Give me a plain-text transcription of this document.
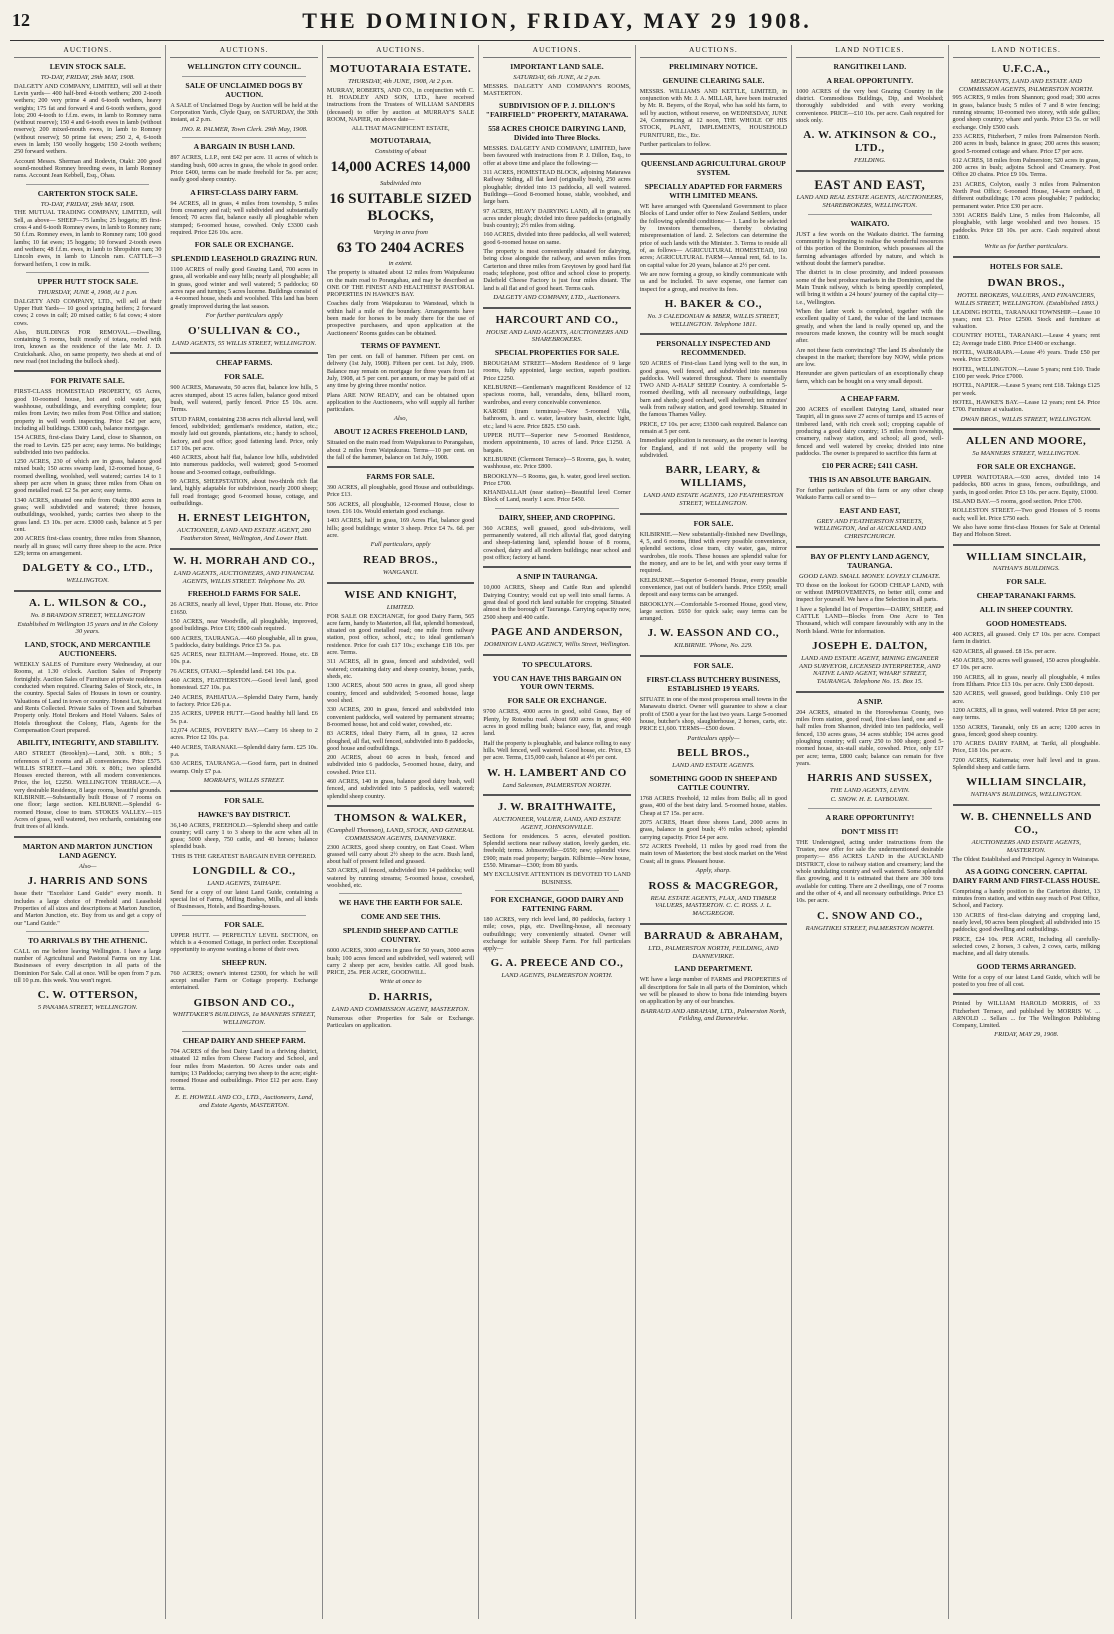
12	THE DOMINION, FRIDAY, MAY 29 1908.
AUCTIONS.
LEVIN STOCK SALE.
TO-DAY, FRIDAY, 29th MAY, 1908.
DALGETY AND COMPANY, LIMITED, will sell at their Levin yards— 400 half-bred 4-tooth wethers; 200 2-tooth wethers; 200 very prime 4 and 6-tooth wethers, heavy weights; 175 fat and forward 4 and 6-tooth wethers, good lots; 200 4-tooth to f.f.m. ewes, in lamb to Romney rams (without reserve); 150 4 and 6-tooth ewes in lamb (without reserve); 200 mixed-mouth ewes, in lamb to Romney (without reserve); 50 prime fat ewes; 250 2, 4, 6-tooth ewes in lamb; 150 woolly hoggets; 150 2-tooth wethers; 250 forward wethers.
Account Messrs. Sherman and Rodevin, Otaki: 200 good sound-mouthed Romney breeding ewes, in lamb Romney rams. Account Jean Kebbell, Esq., Ohau.
CARTERTON STOCK SALE.
TO-DAY, FRIDAY, 29th MAY, 1908.
THE MUTUAL TRADING COMPANY, LIMITED, will Sell, as above— SHEEP—75 lambs; 25 hoggets; 85 first-cross 4 and 6-tooth Romney ewes, in lamb to Romney ram; 50 f.f.m. Romney ewes, in lamb to Romney ram; 100 good lambs; 10 fat ewes; 15 hoggets; 10 forward 2-tooth ewes and wethers; 48 f.f.m. ewes, in lamb to Shropshire ram; 30 Lincoln ewes, in lamb to Lincoln ram. CATTLE—3 forward heifers, 1 cow in milk.
UPPER HUTT STOCK SALE.
THURSDAY, JUNE 4, 1908, At 1 p.m.
DALGETY AND COMPANY, LTD., will sell at their Upper Hutt Yards— 10 good springing heifers; 2 forward cows; 2 cows in calf; 20 mixed cattle; 6 fat cows; 4 store cows.
Also, BUILDINGS FOR REMOVAL.—Dwelling, containing 5 rooms, built mostly of totara, roofed with iron, known as the residence of the late Mr. J. D. Cruickshank. Also, on same property, two sheds at end of new road (not including the bullock shed).
FOR PRIVATE SALE.
FIRST-CLASS HOMESTEAD PROPERTY, 65 Acres, good 10-roomed house, hot and cold water, gas, washhouse, outbuildings, and everything complete; four miles from Levin; two miles from Post Office and station; property in well worth inspecting. Price £42 per acre, including all buildings. £3000 cash, balance mortgage.
154 ACRES, first-class Dairy Land, close to Shannon, on the road to Levin. £25 per acre; easy terms. No buildings; subdivided into two paddocks.
1250 ACRES, 230 of which are in grass, balance good mixed bush; 150 acres swamp land, 12-roomed house, 6-roomed dwelling, woolshed, well watered; carries 14 to 1 sheep per acre when in grass; three miles from Ohau on good metalled road. £2 5s. per acre; easy terms.
1340 ACRES, situated one mile from Otaki; 800 acres in grass; well subdivided and watered; three houses, outbuildings, woolshed, yards; carries two sheep to the grass land. £3 10s. per acre. £3000 cash, balance at 5 per cent.
200 ACRES first-class country, three miles from Shannon, nearly all in grass; will carry three sheep to the acre. Price £29; terms on arrangement.
DALGETY & CO., LTD.,
WELLINGTON.
A. L. WILSON & CO.,
No. 8 BRANDON STREET, WELLINGTON
Established in Wellington 15 years and in the Colony 30 years.
LAND, STOCK, AND MERCANTILE AUCTIONEERS.
WEEKLY SALES of Furniture every Wednesday, at our Rooms, at 1.30 o'clock. Auction Sales of Property fortnightly. Auction Sales of Furniture at private residences conducted when required. Clearing Sales of Stock, etc., in the country. Special Sales of Houses in town or country. Valuations of Land in town or country. Honest Lot, Interest and Rents Collected. Private Sales of Town and Suburban Property only. Hotel Brokers and Hotel Valuers. Sales of Hotels throughout the Colony, Flats, Agents for the Compensation Court prepared.
ABILITY, INTEGRITY, AND STABILITY.
ARO STREET (Brooklyn).—Land, 30ft. x 80ft.; 5 references of 3 rooms and all conveniences. Price £575. WILLIS STREET.—Land 30ft. x 80ft.; two splendid Houses erected thereon, with all modern conveniences. Price, the lot, £2250. WELLINGTON TERRACE.—A very desirable Residence, 8 large rooms, beautiful grounds. KILBIRNIE.—Substantially built House of 7 rooms on one floor; large section. KELBURNE.—Splendid 6-roomed House, close to tram. STOKES VALLEY.—115 Acres of grass, well watered, two orchards, containing one fruit trees of all kinds.
MARTON AND MARTON JUNCTION LAND AGENCY.
Also—
J. HARRIS AND SONS
Issue their "Excelsior Land Guide" every month. It includes a large choice of Freehold and Leasehold Properties of all sizes and descriptions at Marton Junction, and Marton Junction, etc. Buy from us and get a copy of our "Land Guide."
TO ARRIVALS BY THE ATHENIC.
CALL on me before leaving Wellington. I have a large number of Agricultural and Pastoral Farms on my List. Businesses of every description in all parts of the Dominion For Sale. Call at once. Will be open from 7 p.m. till 10 p.m. this week. You won't regret.
C. W. OTTERSON,
5 PANAMA STREET, WELLINGTON.
AUCTIONS.
WELLINGTON CITY COUNCIL.
SALE OF UNCLAIMED DOGS BY AUCTION.
A SALE of Unclaimed Dogs by Auction will be held at the Corporation Yards, Clyde Quay, on SATURDAY, the 30th instant, at 2 p.m.
JNO. R. PALMER, Town Clerk. 29th May, 1908.
A BARGAIN IN BUSH LAND.
897 ACRES, L.I.P., rent £42 per acre. 11 acres of which is standing bush, 600 acres in grass, the whole in good order. Price £400, terms can be made freehold for 5s. per acre; easily good sheep country.
A FIRST-CLASS DAIRY FARM.
94 ACRES, all in grass, 4 miles from township, 5 miles from creamery and rail; well subdivided and substantially fenced; 70 acres flat, balance easily all ploughable when stumped; 6-roomed house, cowshed. Only £3300 cash required. Price £26 10s. acre.
FOR SALE OR EXCHANGE.
SPLENDID LEASEHOLD GRAZING RUN.
1100 ACRES of really good Grazing Land, 700 acres in grass, all workable and easy hills; nearly all ploughable; all in grass, good winter and well watered; 5 paddocks; 60 acres rape and turnips; 5 acres lucerne. Buildings consist of a 4-roomed house, sheds and woolshed. This land has been greatly improved during the last season.
For further particulars apply
O'SULLIVAN & CO.,
LAND AGENTS, 55 WILLIS STREET, WELLINGTON.
CHEAP FARMS.
FOR SALE.
900 ACRES, Manawatu, 50 acres flat, balance low hills, 5 acres stumped, about 15 acres fallen, balance good mixed bush, well watered, partly fenced. Price £5 10s. acre. Terms.
STUD FARM, containing 238 acres rich alluvial land, well fenced, subdivided; gentleman's residence, station, etc.; mostly laid out grounds, plantations, etc.; handy to school, factory, and post office; good fattening land. Price, only £17 10s. per acre.
460 ACRES, about half flat, balance low hills, subdivided into numerous paddocks, well watered; good 5-roomed house and 3-roomed cottage, outbuildings.
99 ACRES, SHEEPSTATION, about two-thirds rich flat land, highly adaptable for subdivision, nearly 2000 sheep; full road frontage; good 6-roomed house, cottage, and outbuildings.
H. ERNEST LEIGHTON,
AUCTIONEER, LAND AND ESTATE AGENT, 280 Featherston Street, Wellington, And Lower Hutt.
W. H. MORRAH AND CO.,
LAND AGENTS, AUCTIONEERS, AND FINANCIAL AGENTS, WILLIS STREET. Telephone No. 20.
FREEHOLD FARMS FOR SALE.
26 ACRES, nearly all level, Upper Hutt. House, etc. Price £1650.
150 ACRES, near Woodville, all ploughable, improved, good buildings. Price £16; £800 cash required.
600 ACRES, TAURANGA.—460 ploughable, all in grass, 5 paddocks, dairy buildings. Price £3 5s. p.a.
625 ACRES, near ELTHAM.—Improved. House, etc. £8 10s. p.a.
76 ACRES, OTAKI.—Splendid land. £41 10s. p.a.
460 ACRES, FEATHERSTON.—Good level land, good homestead. £27 10s. p.a.
240 ACRES, PAHIATUA.—Splendid Dairy Farm, handy to factory. Price £26 p.a.
235 ACRES, UPPER HUTT.—Good healthy hill land. £6 5s. p.a.
12,074 ACRES, POVERTY BAY.—Carry 16 sheep to 2 acres. Price £2 10s. p.a.
440 ACRES, TARANAKI.—Splendid dairy farm. £25 10s. p.a.
630 ACRES, TAURANGA.—Good farm, part in drained swamp. Only £7 p.a.
MORRAH'S, WILLIS STREET.
FOR SALE.
HAWKE'S BAY DISTRICT.
36,140 ACRES, FREEHOLD.—Splendid sheep and cattle country; will carry 1 to 3 sheep to the acre when all in grass; 5000 sheep, 750 cattle, and 40 horses; balance splendid bush.
THIS IS THE GREATEST BARGAIN EVER OFFERED.
LONGDILL & CO.,
LAND AGENTS, TAIHAPE.
Send for a copy of our latest Land Guide, containing a special list of Farms, Milling Bushes, Mills, and all kinds of Businesses, Hotels, and Boarding-houses.
FOR SALE.
UPPER HUTT. — PERFECTLY LEVEL SECTION, on which is a 4-roomed Cottage, in perfect order. Exceptional opportunity to anyone wanting a home of their own.
SHEEP RUN.
760 ACRES; owner's interest £2300, for which he will accept smaller Farm or Cottage property. Exchange entertained.
GIBSON AND CO.,
WHITTAKER'S BUILDINGS, 1a MANNERS STREET, WELLINGTON.
CHEAP DAIRY AND SHEEP FARM.
704 ACRES of the best Dairy Land in a thriving district, situated 12 miles from Cheese Factory and School, and four miles from Masterton. 90 Acres under oats and turnips; 13 Paddocks; carrying two sheep to the acre; eight-roomed House and outbuildings. Price £12 per acre. Easy terms.
E. E. HOWELL AND CO., LTD., Auctioneers, Land, and Estate Agents, MASTERTON.
AUCTIONS.
MOTUOTARAIA ESTATE.
THURSDAY, 4th JUNE, 1908, At 2 p.m.
MURRAY, ROBERTS, AND CO., in conjunction with C. H. HOADLEY AND SON, LTD., have received instructions from the Trustees of WILLIAM SANDERS (deceased) to offer by auction at MURRAY'S SALE ROOM, NAPIER, on above date—
ALL THAT MAGNIFICENT ESTATE,
MOTUOTARAIA,
Consisting of about
14,000 ACRES 14,000
Subdivided into
16 SUITABLE SIZED BLOCKS,
Varying in area from
63 TO 2404 ACRES
in extent.
The property is situated about 12 miles from Waipukurau on the main road to Porangahau, and may be described as ONE OF THE FINEST AND HEALTHIEST PASTORAL PROPERTIES IN HAWKE'S BAY.
Coaches daily from Waipukurau to Wanstead, which is within half a mile of the boundary. Arrangements have been made for horses to be ready there for the use of prospective purchasers, and upon application at the Auctioneers' Rooms guides can be obtained.
TERMS OF PAYMENT.
Ten per cent. on fall of hammer. Fifteen per cent. on delivery (1st July, 1908). Fifteen per cent. 1st July, 1909. Balance may remain on mortgage for three years from 1st July, 1908, at 5 per cent. per annum, or may be paid off at any time by giving three months' notice.
Plans ARE NOW READY, and can be obtained upon application to the Auctioneers, who will supply all further particulars.
Also,
ABOUT 12 ACRES FREEHOLD LAND,
Situated on the main road from Waipukurau to Porangahau, about 2 miles from Waipukurau. Terms—10 per cent. on the fall of the hammer, balance on 1st July, 1908.
FARMS FOR SALE.
390 ACRES, all ploughable, good House and outbuildings. Price £13.
506 ACRES, all ploughable, 12-roomed House, close to town. £16 10s. Would entertain good exchange.
1403 ACRES, half in grass, 169 Acres Flat, balance good hills; good buildings; winter 3 sheep. Price £4 7s. 6d. per acre.
Full particulars, apply
READ BROS.,
WANGANUI.
WISE AND KNIGHT,
LIMITED.
FOR SALE OR EXCHANGE, for good Dairy Farm, 565 acre farm, handy to Masterton, all flat, splendid homestead, situated on good metalled road; one mile from railway station, post office, school, etc.; to ideal gentleman's residence. Price for cash £17 10s.; exchange £18 10s. per acre. Terms.
311 ACRES, all in grass, fenced and subdivided, well watered; containing dairy and sheep country, house, yards, sheds, etc.
1300 ACRES, about 500 acres in grass, all good sheep country, fenced and subdivided; 5-roomed house, large wool shed.
330 ACRES, 200 in grass, fenced and subdivided into convenient paddocks, well watered by permanent streams; 8-roomed house, hot and cold water, cowshed, etc.
83 ACRES, ideal Dairy Farm, all in grass, 12 acres ploughed, all flat, well fenced, subdivided into 8 paddocks, good house and outbuildings.
200 ACRES, about 60 acres in bush, fenced and subdivided into 6 paddocks, 5-roomed house, dairy, and cowshed. Price £11.
460 ACRES, 140 in grass, balance good dairy bush, well fenced, and subdivided into 5 paddocks, well watered; splendid sheep country.
THOMSON & WALKER,
(Campbell Thomson), LAND, STOCK, AND GENERAL COMMISSION AGENTS, DANNEVIRKE.
2300 ACRES, good sheep country, on East Coast. When grassed will carry about 2½ sheep to the acre. Bush land, about half of present felled and grassed.
520 ACRES, all fenced, subdivided into 14 paddocks; well watered by running streams; 5-roomed house, cowshed, woolshed, etc.
WE HAVE THE EARTH FOR SALE.
COME AND SEE THIS.
SPLENDID SHEEP AND CATTLE COUNTRY.
6000 ACRES, 3000 acres in grass for 50 years, 3000 acres bush; 100 acres fenced and subdivided, well watered; will carry 2 sheep per acre, besides cattle. All good bush. PRICE, 25s. PER ACRE, GOODWILL.
Write at once to
D. HARRIS,
LAND AND COMMISSION AGENT, MASTERTON.
Numerous other Properties for Sale or Exchange. Particulars on application.
AUCTIONS.
IMPORTANT LAND SALE.
SATURDAY, 6th JUNE, At 2 p.m.
MESSRS. DALGETY AND COMPANY'S ROOMS, MASTERTON.
SUBDIVISION OF P. J. DILLON'S "FAIRFIELD" PROPERTY, MATARAWA.
558 ACRES CHOICE DAIRYING LAND, Divided into Three Blocks.
MESSRS. DALGETY AND COMPANY, LIMITED, have been favoured with instructions from P. J. Dillon, Esq., to offer at above time and place the following:—
311 ACRES, HOMESTEAD BLOCK, adjoining Matarawa Railway Siding, all flat land (originally bush), 250 acres ploughable; divided into 13 paddocks, all well watered. Buildings—Good 8-roomed house, stable, woolshed, and large barn.
97 ACRES, HEAVY DAIRYING LAND, all in grass, six acres under plough; divided into three paddocks (originally bush country); 2½ miles from siding.
160 ACRES, divided into three paddocks, all well watered; good 6-roomed house on same.
The property is most conveniently situated for dairying, being close alongside the railway, and seven miles from Carterton and three miles from Greytown by good hard flat roads; telephone, post office and school close to property. Dalefield Cheese Factory is just four miles distant. The land is all flat and of good heart. Terms cash.
DALGETY AND COMPANY, LTD., Auctioneers.
HARCOURT AND CO.,
HOUSE AND LAND AGENTS, AUCTIONEERS AND SHAREBROKERS.
SPECIAL PROPERTIES FOR SALE.
BROUGHAM STREET—Modern Residence of 9 large rooms, fully appointed, large section, superb position. Price £2250.
KELBURNE—Gentleman's magnificent Residence of 12 spacious rooms, hall, verandahs, dens, billiard room, wardrobes, and every conceivable convenience.
KARORI (tram terminus)—New 5-roomed Villa, bathroom, h. and c. water, lavatory basin, electric light, etc.; land ¼ acre. Price £825. £50 cash.
UPPER HUTT—Superior new 5-roomed Residence, modern appointments, 10 acres of land. Price £1250. A bargain.
KELBURNE (Clermont Terrace)—5 Rooms, gas, h. water, washhouse, etc. Price £800.
BROOKLYN—5 Rooms, gas, h. water, good level section. Price £700.
KHANDALLAH (near station)—Beautiful level Corner Block of Land, nearly 1 acre. Price £450.
DAIRY, SHEEP, AND CROPPING.
360 ACRES, well grassed, good sub-divisions, well permanently watered, all rich alluvial flat, good dairying and sheep-fattening land, splendid house of 8 rooms, cowshed, dairy and all modern buildings; near school and post office; factory at hand.
A SNIP IN TAURANGA.
10,000 ACRES, Sheep and Cattle Run and splendid Dairying Country; would cut up well into small farms. A great deal of good rich land suitable for cropping. Situated almost in the borough of Tauranga. Carrying capacity now, 2500 sheep and 400 cattle.
PAGE AND ANDERSON,
DOMINION LAND AGENCY, Willis Street, Wellington.
TO SPECULATORS.
YOU CAN HAVE THIS BARGAIN ON YOUR OWN TERMS.
FOR SALE OR EXCHANGE.
9700 ACRES, 4000 acres in good, solid Grass, Bay of Plenty, by Rotoehu road. About 600 acres in grass; 400 acres in good milling bush; balance easy, flat, and rough land.
Half the property is ploughable, and balance rolling to easy hills. Well fenced, well watered. Good house, etc. Price, £3 per acre. Terms, £15,000 cash, balance at 4½ per cent.
W. H. LAMBERT AND CO
Land Salesmen, PALMERSTON NORTH.
J. W. BRAITHWAITE,
AUCTIONEER, VALUER, LAND, AND ESTATE AGENT, JOHNSONVILLE.
Sections for residences. 5 acres, elevated position. Splendid sections near railway station, lovely garden, etc. freehold; terms. Johnsonville—£650; new; splendid view. £900; main road property; bargain. Kilbirnie—New house, £550. Miramar—£300; from 80 yards.
MY EXCLUSIVE ATTENTION IS DEVOTED TO LAND BUSINESS.
FOR EXCHANGE, GOOD DAIRY AND FATTENING FARM.
180 ACRES, very rich level land, 80 paddocks, factory 1 mile; cows, pigs, etc. Dwelling-house, all necessary outbuildings; very conveniently situated. Owner will exchange for suitable Sheep Farm. For full particulars apply—
G. A. PREECE AND CO.,
LAND AGENTS, PALMERSTON NORTH.
AUCTIONS.
PRELIMINARY NOTICE.
GENUINE CLEARING SALE.
MESSRS. WILLIAMS AND KETTLE, LIMITED, in conjunction with Mr. J. A. MILLAR, have been instructed by Mr. R. Beyers, of the Royal, who has sold his farm, to sell by auction, without reserve, on WEDNESDAY, JUNE 24, Commencing at 12 noon, THE WHOLE OF HIS STOCK, PLANT, IMPLEMENTS, HOUSEHOLD FURNITURE, Etc., Etc.
Further particulars to follow.
QUEENSLAND AGRICULTURAL GROUP SYSTEM.
SPECIALLY ADAPTED FOR FARMERS WITH LIMITED MEANS.
WE have arranged with Queensland Government to place Blocks of Land under offer to New Zealand Settlers, under the following splendid conditions:— 1. Land to be selected by investors themselves, thereby obviating misrepresentation of land. 2. Selectors can determine the price of such lands with the Minister. 3. Terms to reside all of, as follows— AGRICULTURAL HOMESTEAD, 160 acres; AGRICULTURAL FARM—Annual rent, 6d. to 1s. on capital value for 20 years, balance at 2½ per cent.
We are now forming a group, so kindly communicate with us and be included. To save expense, one farmer can inspect for a group, and receive its fees.
H. BAKER & CO.,
No. 3 CALEDONIAN & MBER, WILLIS STREET, WELLINGTON. Telephone 1811.
PERSONALLY INSPECTED AND RECOMMENDED.
920 ACRES of First-class Land lying well to the sun, in good grass, well fenced, and subdivided into numerous paddocks. Well watered throughout. There is essentially TWO AND A-HALF SHEEP Country. A comfortable 5-roomed dwelling, with all necessary outbuildings, large barn and sheds; good orchard, well sheltered; ten minutes' walk from railway station, and good township. Situated in the famous Thames Valley.
PRICE, £7 10s. per acre; £3300 cash required. Balance can remain at 5 per cent.
Immediate application is necessary, as the owner is leaving for England, and if not sold the property will be subdivided.
BARR, LEARY, & WILLIAMS,
LAND AND ESTATE AGENTS, 120 FEATHERSTON STREET, WELLINGTON.
FOR SALE.
KILBIRNIE.—New substantially-finished new Dwellings, 4, 5, and 6 rooms, fitted with every possible convenience, splendid sections, close tram, city water, gas, mirror wardrobes, tile roofs. These houses are splendid value for the money, and are to be let, and with your easy terms if required.
KELBURNE.—Superior 6-roomed House, every possible convenience, just out of builder's hands. Price £950; small deposit and easy terms can be arranged.
BROOKLYN.—Comfortable 5-roomed House, good view, large section. £650 for quick sale; easy terms can be arranged.
J. W. EASSON AND CO.,
KILBIRNIE. 'Phone, No. 229.
FOR SALE.
FIRST-CLASS BUTCHERY BUSINESS, ESTABLISHED 19 YEARS.
SITUATE in one of the most prosperous small towns in the Manawatu district. Owner will guarantee to show a clear profit of £500 a year for the last two years. Large 5-roomed house, butcher's shop, slaughterhouse, 2 horses, carts, etc. PRICE £1,600. TERMS—£500 down.
Particulars apply—
BELL BROS.,
LAND AND ESTATE AGENTS.
SOMETHING GOOD IN SHEEP AND CATTLE COUNTRY.
1768 ACRES Freehold, 12 miles from Bulls; all in good grass, 400 of the best dairy land. 5-roomed house, stables. Cheap at £7 15s. per acre.
2075 ACRES, Heart three shores Land, 2000 acres in grass, balance in good bush; 4½ miles school; splendid carrying capacity. Price £4 per acre.
572 ACRES Freehold, 11 miles by good road from the main town of Masterton; the best stock market on the West Coast; all in grass. Pleasant house.
Apply, sharp.
ROSS & MACGREGOR,
REAL ESTATE AGENTS, FLAX, AND TIMBER VALUERS, MASTERTON. C. C. ROSS. J. L. MACGREGOR.
BARRAUD & ABRAHAM,
LTD., PALMERSTON NORTH, FEILDING, AND DANNEVIRKE.
LAND DEPARTMENT.
WE have a large number of FARMS and PROPERTIES of all descriptions for Sale in all parts of the Dominion, which we will be pleased to show to bona fide intending buyers on application by any of our branches.
BARRAUD AND ABRAHAM, LTD., Palmerston North, Feilding, and Dannevirke.
LAND NOTICES.
RANGITIKEI LAND.
A REAL OPPORTUNITY.
1000 ACRES of the very best Grazing Country in the district. Commodious Buildings, Dip, and Woolshed; thoroughly subdivided and with every working convenience. PRICE—£10 10s. per acre. Cash required for stock only.
A. W. ATKINSON & CO., LTD.,
FEILDING.
EAST AND EAST,
LAND AND REAL ESTATE AGENTS, AUCTIONEERS, SHAREBROKERS, WELLINGTON.
WAIKATO.
JUST a few words on the Waikato district. The farming community is beginning to realise the wonderful resources of this portion of the Dominion, which possesses all the farming advantages afforded by nature, and which is without doubt the farmer's paradise.
The district is in close proximity, and indeed possesses some of the best produce markets in the Dominion, and the Main Trunk railway, which is being speedily completed, will bring it within a 24 hours' journey of the capital city—i.e., Wellington.
When the latter work is completed, together with the excellent quality of Land, the value of the land increases greatly, and when the land is really opened up, and the resources made known, the country will be much sought after.
Are not these facts convincing? The land IS absolutely the cheapest in the market; therefore buy NOW, while prices are low.
Hereunder are given particulars of an exceptionally cheap farm, which can be bought on a very small deposit.
A CHEAP FARM.
200 ACRES of excellent Dairying Land, situated near Taupiri, all in grass save 27 acres of turnips and 15 acres of timbered land, with rich creek soil; cropping capable of producing a good dairy country; 15 miles from township, creamery, railway station, and school; all good, well-fenced and well watered by creeks; divided into nine paddocks. The owner is prepared to sacrifice this farm at
£10 PER ACRE; £411 CASH.
THIS IS AN ABSOLUTE BARGAIN.
For further particulars of this farm or any other cheap Waikato Farms call or send to—
EAST AND EAST,
GREY AND FEATHERSTON STREETS, WELLINGTON, And at AUCKLAND AND CHRISTCHURCH.
BAY OF PLENTY LAND AGENCY, TAURANGA.
GOOD LAND. SMALL MONEY. LOVELY CLIMATE.
TO those on the lookout for GOOD CHEAP LAND, with or without IMPROVEMENTS, no better still, come and inspect for yourself. We have a fine Selection in all parts.
I have a Splendid list of Properties—DAIRY, SHEEP, and CATTLE LAND—Blocks from One Acre to Ten Thousand, which will compare favourably with any in the North Island. Write for information.
JOSEPH E. DALTON,
LAND AND ESTATE AGENT, MINING ENGINEER AND SURVEYOR, LICENSED INTERPRETER, AND NATIVE LAND AGENT, WHARF STREET, TAURANGA. Telephone No. 15. Box 15.
A SNIP.
204 ACRES, situated in the Horowhenua County, two miles from station, good road, first-class land, one and a-half miles from Shannon, divided into ten paddocks, well fenced, 130 acres grass, 34 acres stubble; 194 acres good ploughing country; will carry 250 to 300 sheep; good 5-roomed house, six-stall stable, cowshed. Price, only £17 per acre; terms, £800 cash; balance can remain for five years.
HARRIS AND SUSSEX,
THE LAND AGENTS, LEVIN.
C. SNOW. H. E. LAYBOURN.
A RARE OPPORTUNITY!
DON'T MISS IT!
THE Undersigned, acting under instructions from the Trustee, now offer for sale the undermentioned desirable property:— 856 ACRES LAND in the AUCKLAND DISTRICT, close to railway station and creamery; land the whole undulating country and well watered. Some splendid flax growing, and it is estimated that there are 300 tons available for cutting. There are 2 dwellings, one of 7 rooms and the other of 4, and all necessary outbuildings. Price £3 10s. per acre.
C. SNOW AND CO.,
RANGITIKEI STREET, PALMERSTON NORTH.
LAND NOTICES.
U.F.C.A.,
MERCHANTS, LAND AND ESTATE AND COMMISSION AGENTS, PALMERSTON NORTH.
995 ACRES, 9 miles from Shannon; good road; 300 acres in grass, balance bush; 5 miles of 7 and 8 wire fencing; running streams; 10-roomed two storey, with side gullies; good sheep country; whare and yards. Price £3 5s. or will exchange. Only £500 cash.
233 ACRES, Fitzherbert, 7 miles from Palmerston North. 200 acres in bush, balance in grass; 200 acres this season; good 5-roomed cottage and whare. Price £7 per acre.
612 ACRES, 18 miles from Palmerston; 520 acres in grass, 200 acres in bush; adjoins School and Creamery. Post Office 20 chains. Price £9 10s. Terms.
231 ACRES, Colyton, easily 3 miles from Palmerston North Post Office; 6-roomed House, 14-acre orchard, 8 different outbuildings; 170 acres ploughable; 7 paddocks; permanent water. Price £30 per acre.
3391 ACRES Bald's Line, 5 miles from Halcombe, all ploughable, with large woolshed and two houses. 15 paddocks. Price £8 10s. per acre. Cash required about £1800.
Write us for further particulars.
HOTELS FOR SALE.
DWAN BROS.,
HOTEL BROKERS, VALUERS, AND FINANCIERS, WILLIS STREET, WELLINGTON. (Established 1893.)
LEADING HOTEL, TARANAKI TOWNSHIP.—Lease 10 years; rent £3. Price £2500. Stock and furniture at valuation.
COUNTRY HOTEL, TARANAKI.—Lease 4 years; rent £2; Average trade £180. Price £1400 or exchange.
HOTEL, WAIRARAPA.—Lease 4½ years. Trade £50 per week. Price £3500.
HOTEL, WELLINGTON.—Lease 5 years; rent £10. Trade £100 per week. Price £7000.
HOTEL, NAPIER.—Lease 5 years; rent £18. Takings £125 per week.
HOTEL, HAWKE'S BAY.—Lease 12 years; rent £4. Price £700. Furniture at valuation.
DWAN BROS., WILLIS STREET, WELLINGTON.
ALLEN AND MOORE,
5a MANNERS STREET, WELLINGTON.
FOR SALE OR EXCHANGE.
UPPER WAITOTARA.—930 acres, divided into 14 paddocks, 800 acres in grass, fences, outbuildings, and yards, in good order. Price £3 10s. per acre. Equity, £1000.
ISLAND BAY.—5 rooms, good section. Price £700.
ROLLESTON STREET.—Two good Houses of 5 rooms each; well let. Price £750 each.
We also have some first-class Houses for Sale at Oriental Bay and Hobson Street.
WILLIAM SINCLAIR,
NATHAN'S BUILDINGS.
FOR SALE.
CHEAP TARANAKI FARMS.
ALL IN SHEEP COUNTRY.
GOOD HOMESTEADS.
400 ACRES, all grassed. Only £7 10s. per acre. Compact farm in district.
620 ACRES, all grassed. £8 15s. per acre.
450 ACRES, 300 acres well grassed, 150 acres ploughable. £7 10s. per acre.
190 ACRES, all in grass, nearly all ploughable, 4 miles from Eltham. Price £13 10s. per acre. Only £300 deposit.
520 ACRES, well grassed, good buildings. Only £10 per acre.
1200 ACRES, all in grass, well watered. Price £8 per acre; easy terms.
1350 ACRES, Taranaki, only £6 an acre; 1200 acres in grass, fenced; good sheep country.
170 ACRES DAIRY FARM, at Tariki, all ploughable. Price, £18 10s. per acre.
7200 ACRES, Kaitemata; over half level and in grass. Splendid sheep and cattle farm.
WILLIAM SINCLAIR,
NATHAN'S BUILDINGS, WELLINGTON.
W. B. CHENNELLS AND CO.,
AUCTIONEERS AND ESTATE AGENTS, MASTERTON.
The Oldest Established and Principal Agency in Wairarapa.
AS A GOING CONCERN. CAPITAL DAIRY FARM AND FIRST-CLASS HOUSE.
Comprising a handy position to the Carterton district, 13 minutes from station, and within easy reach of Post Office, School, and Factory.
130 ACRES of first-class dairying and cropping land, nearly level, 90 acres been ploughed; all subdivided into 15 paddocks; good dwelling and outbuildings.
PRICE, £24 10s. PER ACRE, Including all carefully-selected cows, 2 horses, 3 calves, 2 cows, carts, milking machine, and all dairy utensils.
GOOD TERMS ARRANGED.
Write for a copy of our latest Land Guide, which will be posted to you free of all cost.
Printed by WILLIAM HAROLD MORRIS, of 33 Fitzherbert Terrace, and published by MORRIS W. ... ARNOLD ... Sellars ... for The Wellington Publishing Company, Limited.
FRIDAY, MAY 29, 1908.
